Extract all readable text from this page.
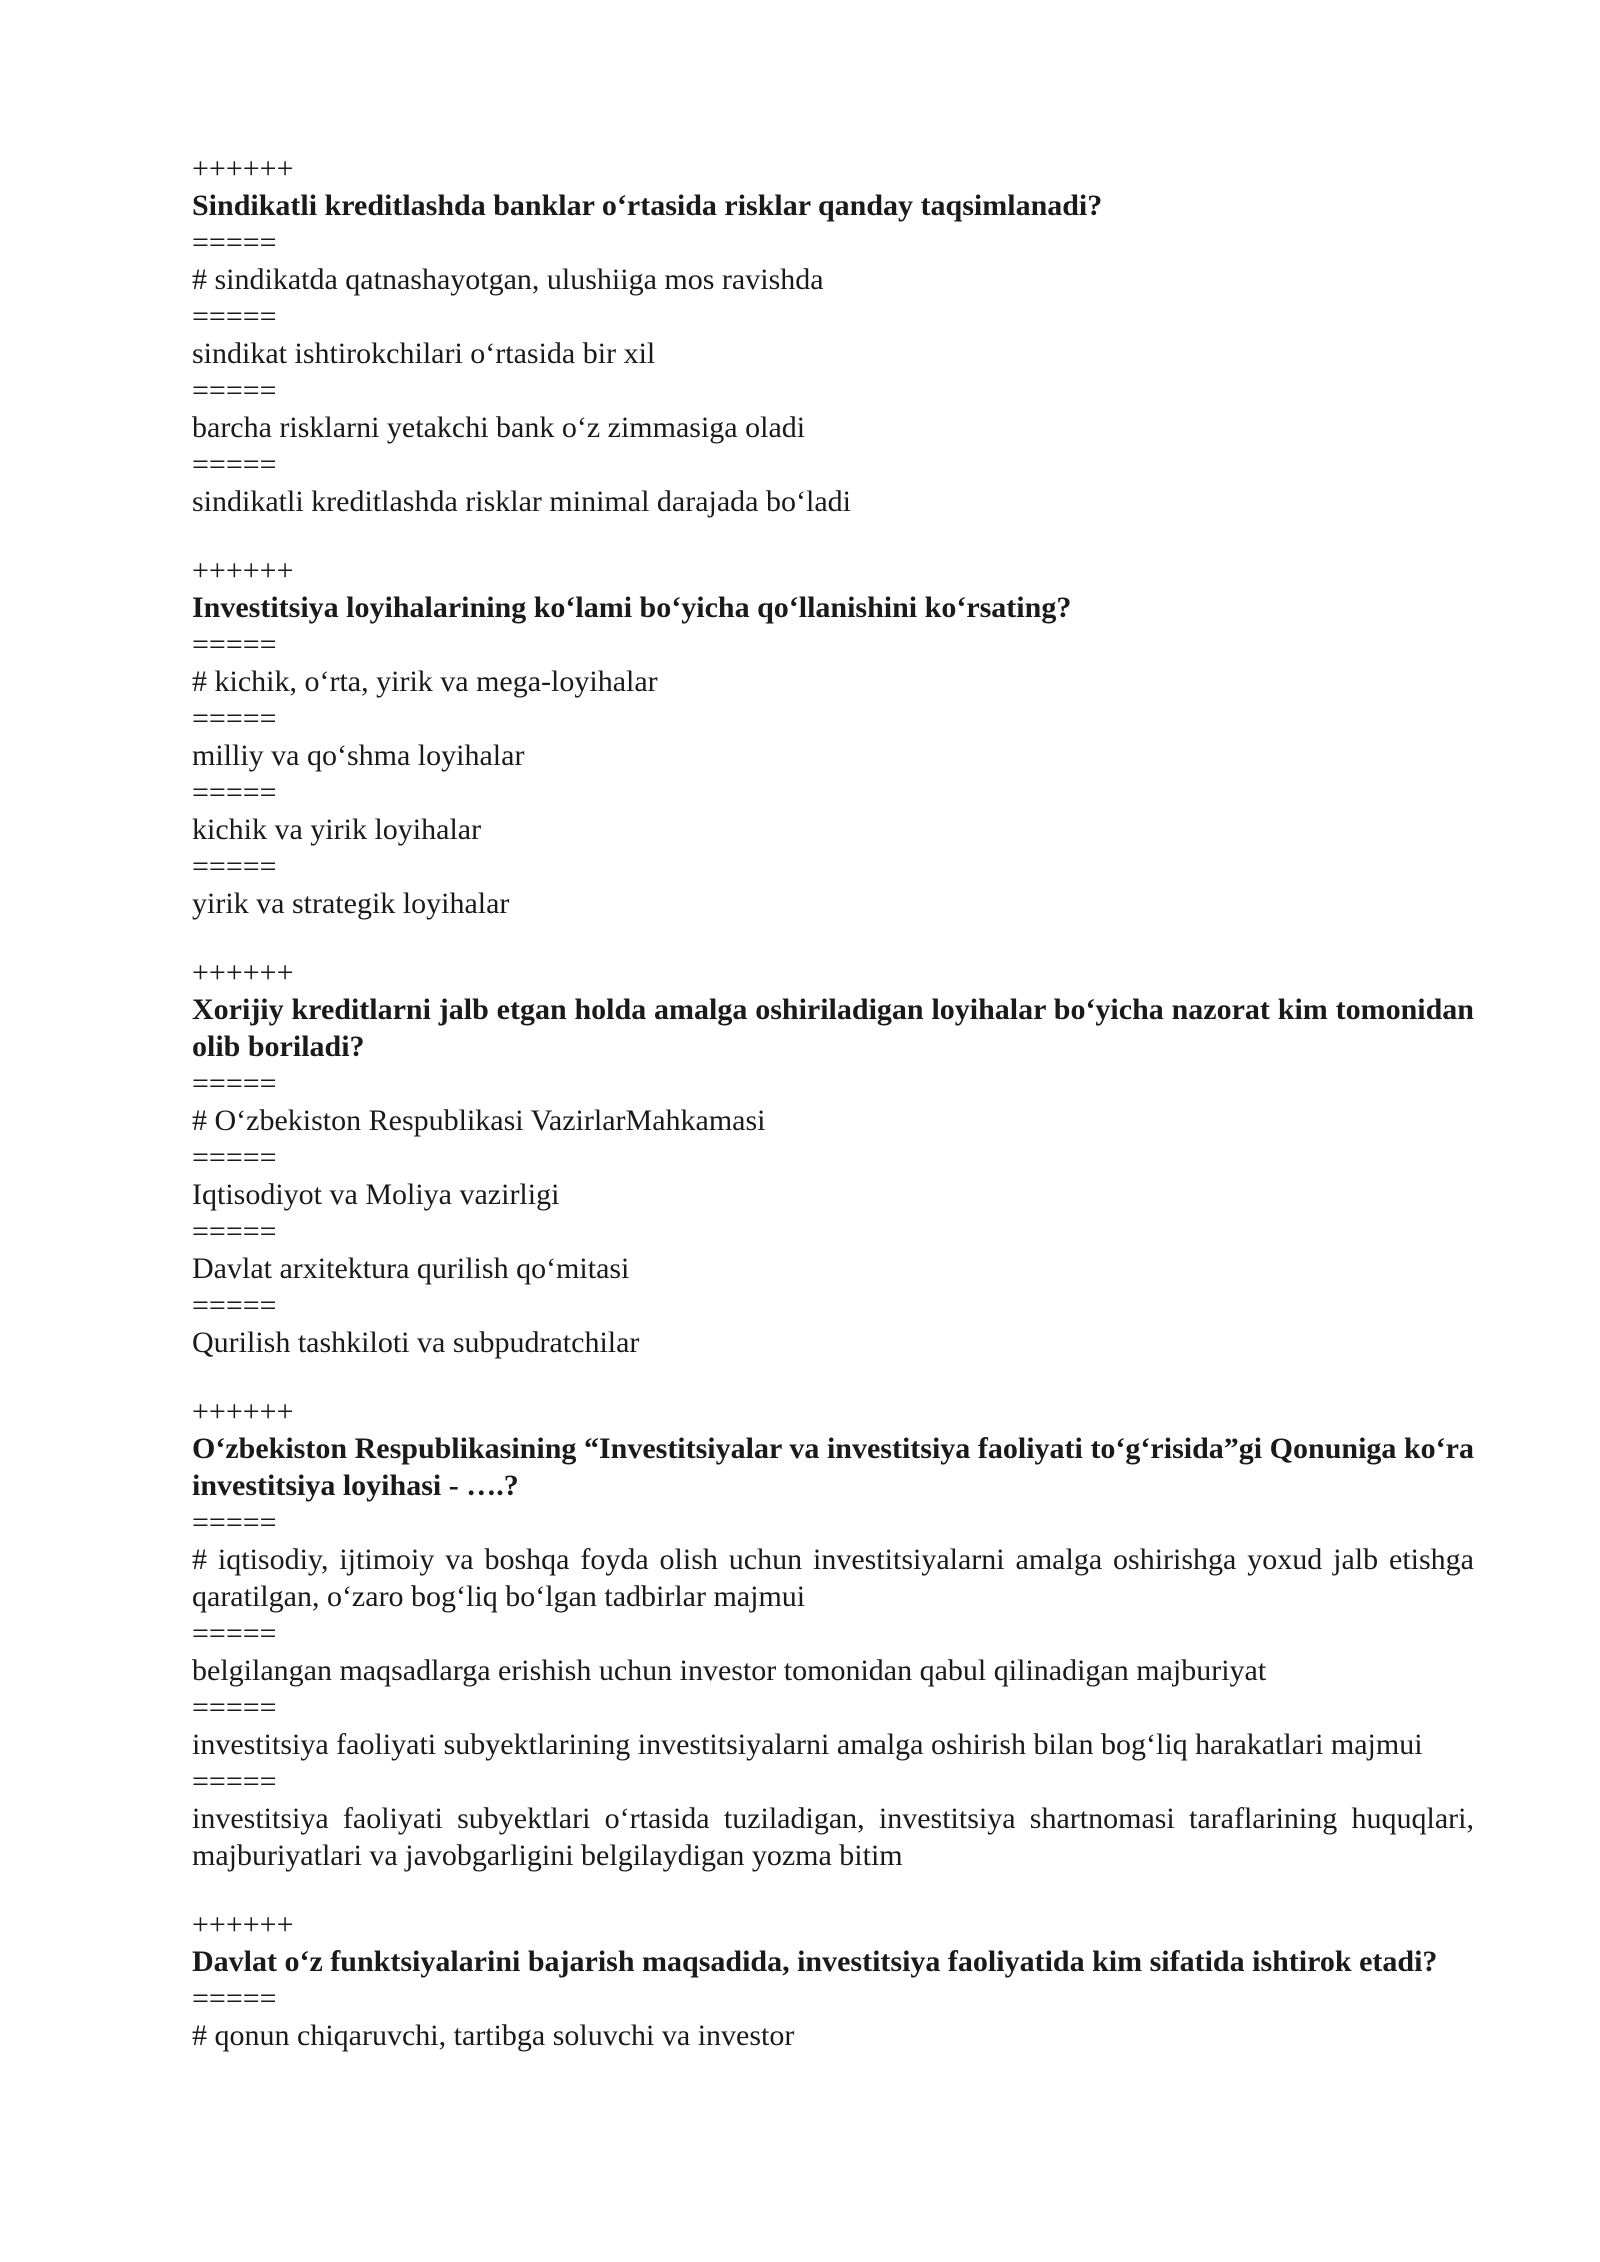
++++++
Sindikatli kreditlashda banklar o‘rtasida risklar qanday taqsimlanadi?
=====
# sindikatda qatnashayotgan, ulushiiga mos ravishda
=====
sindikat ishtirokchilari o‘rtasida bir xil
=====
barcha risklarni yetakchi bank o‘z zimmasiga oladi
=====
sindikatli kreditlashda risklar minimal darajada bo‘ladi
++++++
Investitsiya loyihalarining ko‘lami bo‘yicha qo‘llanishini ko‘rsating?
=====
# kichik, o‘rta, yirik va mega-loyihalar
=====
milliy va qo‘shma loyihalar
=====
kichik va yirik loyihalar
=====
yirik va strategik loyihalar
++++++
Xorijiy kreditlarni jalb etgan holda amalga oshiriladigan loyihalar bo‘yicha nazorat kim tomonidan olib boriladi?
=====
# O‘zbekiston Respublikasi VazirlarMahkamasi
=====
Iqtisodiyot va Moliya vazirligi
=====
Davlat arxitektura qurilish qo‘mitasi
=====
Qurilish tashkiloti va subpudratchilar
++++++
O‘zbekiston Respublikasining “Investitsiyalar va investitsiya faoliyati to‘g‘risida”gi Qonuniga ko‘ra investitsiya loyihasi - ….?
=====
# iqtisodiy, ijtimoiy va boshqa foyda olish uchun investitsiyalarni amalga oshirishga yoxud jalb etishga qaratilgan, o‘zaro bog‘liq bo‘lgan tadbirlar majmui
=====
belgilangan maqsadlarga erishish uchun investor tomonidan qabul qilinadigan majburiyat
=====
investitsiya faoliyati subyektlarining investitsiyalarni amalga oshirish bilan bog‘liq harakatlari majmui
=====
investitsiya faoliyati subyektlari o‘rtasida tuziladigan, investitsiya shartnomasi taraflarining huquqlari, majburiyatlari va javobgarligini belgilaydigan yozma bitim
++++++
Davlat o‘z funktsiyalarini bajarish maqsadida, investitsiya faoliyatida kim sifatida ishtirok etadi?
=====
# qonun chiqaruvchi, tartibga soluvchi va investor
